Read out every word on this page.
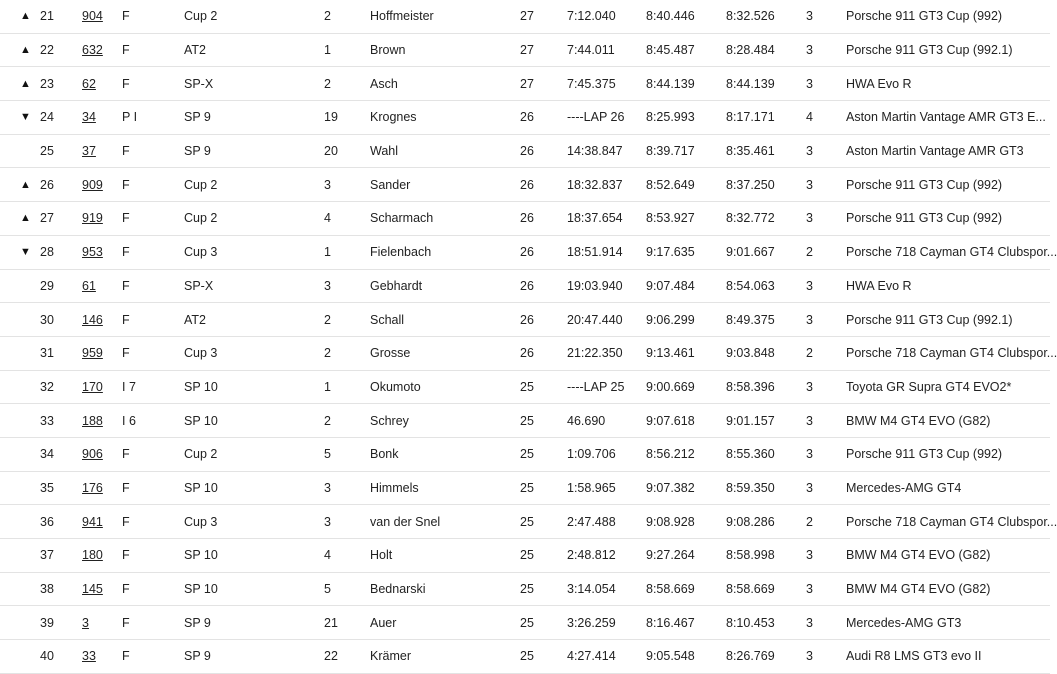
▲ 21 904 F	Cup 2	2	Hoffmeister	27	7:12.040 8:40.446	8:32.526	3	Porsche 911 GT3 Cup (992)
▲ 22 632 F	AT2	1	Brown	27	7:44.011	8:45.487	8:28.484	3	Porsche 911 GT3 Cup (992.1)
▲ 23 62 F	SP-X	2	Asch	27	7:45.375 8:44.139	8:44.139	3	HWA Evo R
▼ 24 34 P I	SP 9	19	Krognes	26	----LAP 26 8:25.993	8:17.171	4	Aston Martin Vantage AMR GT3 E...
25 37 F	SP 9	20	Wahl	26	14:38.847 8:39.717	8:35.461	3	Aston Martin Vantage AMR GT3
▲ 26 909 F	Cup 2	3	Sander	26	18:32.837 8:52.649	8:37.250	3	Porsche 911 GT3 Cup (992)
▲ 27 919 F	Cup 2	4	Scharmach	26	18:37.654 8:53.927	8:32.772	3	Porsche 911 GT3 Cup (992)
▼ 28 953 F	Cup 3	1	Fielenbach	26	18:51.914 9:17.635	9:01.667	2	Porsche 718 Cayman GT4 Clubspor...
29 61 F	SP-X	3	Gebhardt	26	19:03.940 9:07.484	8:54.063	3	HWA Evo R
30 146 F	AT2	2	Schall	26	20:47.440 9:06.299	8:49.375	3	Porsche 911 GT3 Cup (992.1)
31 959 F	Cup 3	2	Grosse	26	21:22.350 9:13.461	9:03.848	2	Porsche 718 Cayman GT4 Clubspor...
32 170 I 7	SP 10	1	Okumoto	25	----LAP 25 9:00.669	8:58.396	3	Toyota GR Supra GT4 EVO2*
33 188 I 6	SP 10	2	Schrey	25	46.690	9:07.618	9:01.157	3	BMW M4 GT4 EVO (G82)
34 906 F	Cup 2	5	Bonk	25	1:09.706 8:56.212	8:55.360	3	Porsche 911 GT3 Cup (992)
35 176 F	SP 10	3	Himmels	25	1:58.965 9:07.382	8:59.350	3	Mercedes-AMG GT4
36 941 F	Cup 3	3	van der Snel	25	2:47.488 9:08.928	9:08.286	2	Porsche 718 Cayman GT4 Clubspor...
37 180 F	SP 10	4	Holt	25	2:48.812 9:27.264	8:58.998	3	BMW M4 GT4 EVO (G82)
38 145 F	SP 10	5	Bednarski	25	3:14.054 8:58.669	8:58.669	3	BMW M4 GT4 EVO (G82)
39 3	F	SP 9	21	Auer	25	3:26.259 8:16.467	8:10.453	3	Mercedes-AMG GT3
40 33 F	SP 9	22	Krämer	25	4:27.414 9:05.548	8:26.769	3	Audi R8 LMS GT3 evo II
